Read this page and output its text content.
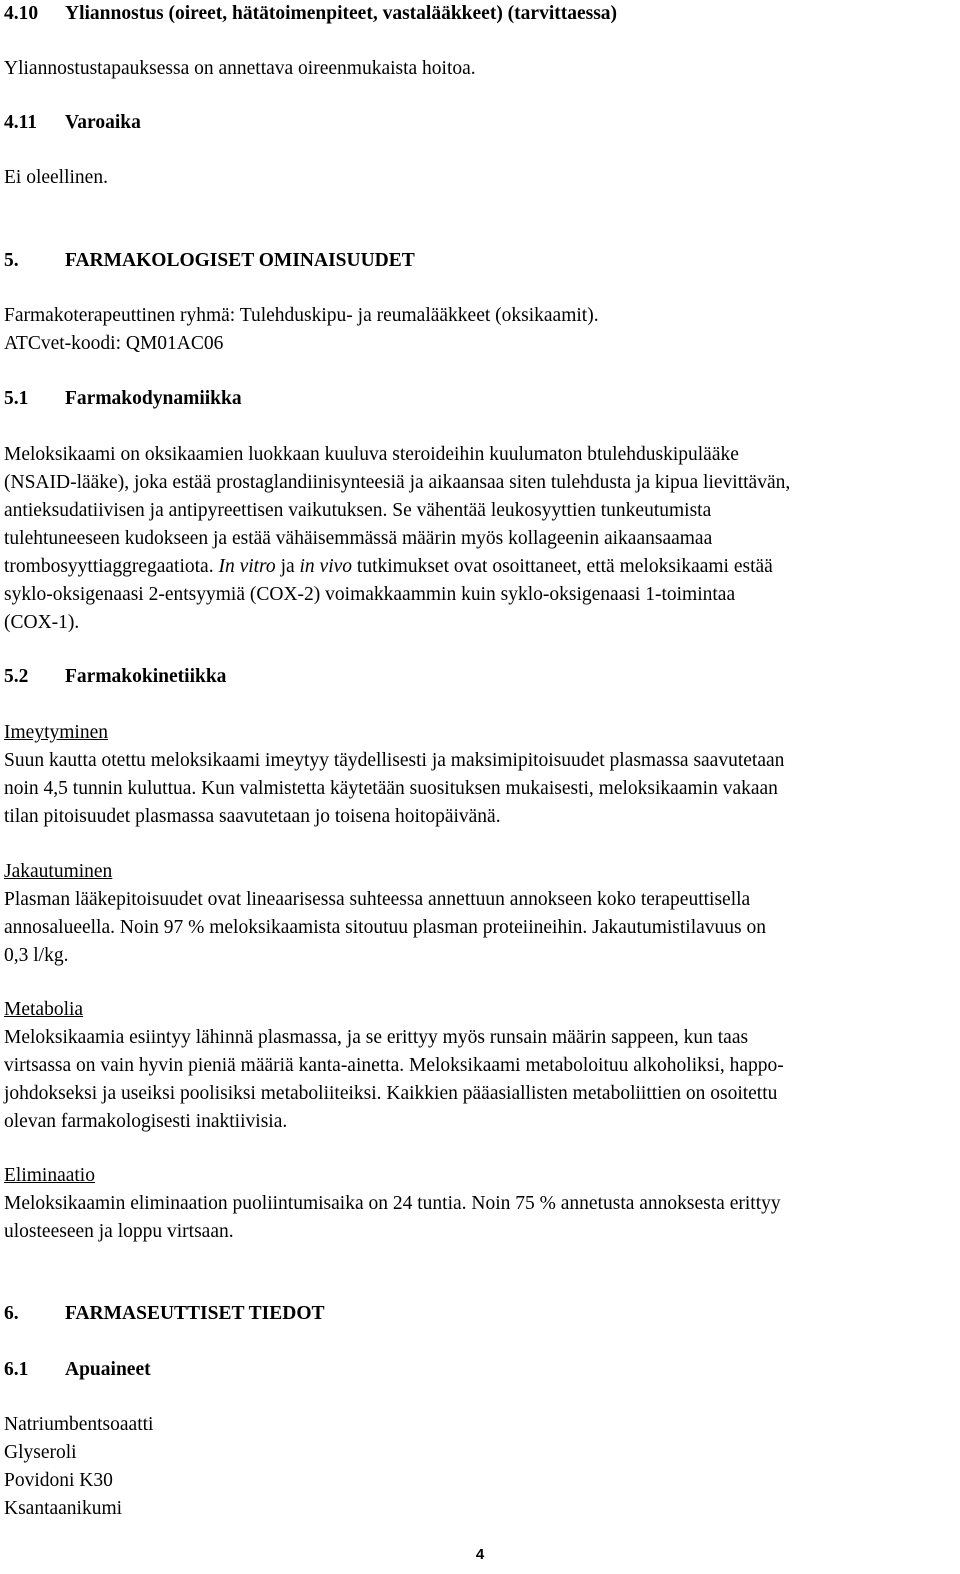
4.10 Yliannostus (oireet, hätätoimenpiteet, vastalääkkeet) (tarvittaessa)
Yliannostustapauksessa on annettava oireenmukaista hoitoa.
4.11 Varoaika
Ei oleellinen.
5. FARMAKOLOGISET OMINAISUUDET
Farmakoterapeuttinen ryhmä: Tulehduskipu- ja reumalääkkeet (oksikaamit).
ATCvet-koodi: QM01AC06
5.1 Farmakodynamiikka
Meloksikaami on oksikaamien luokkaan kuuluva steroideihin kuulumaton btulehduskipulääke
(NSAID-lääke), joka estää prostaglandiinisynteesiä ja aikaansaa siten tulehdusta ja kipua lievittävän,
antieksudatiivisen ja antipyreettisen vaikutuksen. Se vähentää leukosyyttien tunkeutumista
tulehtuneeseen kudokseen ja estää vähäisemmässä määrin myös kollageenin aikaansaamaa
trombosyyttiaggregaatiota. In vitro ja in vivo tutkimukset ovat osoittaneet, että meloksikaami estää
syklo-oksigenaasi 2-entsyymiä (COX-2) voimakkaammin kuin syklo-oksigenaasi 1-toimintaa
(COX-1).
5.2 Farmakokinetiikka
Imeytyminen
Suun kautta otettu meloksikaami imeytyy täydellisesti ja maksimipitoisuudet plasmassa saavutetaan
noin 4,5 tunnin kuluttua. Kun valmistetta käytetään suosituksen mukaisesti, meloksikaamin vakaan
tilan pitoisuudet plasmassa saavutetaan jo toisena hoitopäivänä.
Jakautuminen
Plasman lääkepitoisuudet ovat lineaarisessa suhteessa annettuun annokseen koko terapeuttisella
annosalueella. Noin 97 % meloksikaamista sitoutuu plasman proteiineihin. Jakautumistilavuus on
0,3 l/kg.
Metabolia
Meloksikaamia esiintyy lähinnä plasmassa, ja se erittyy myös runsain määrin sappeen, kun taas
virtsassa on vain hyvin pieniä määriä kanta-ainetta. Meloksikaami metaboloituu alkoholiksi, happo-
johdokseksi ja useiksi poolisiksi metaboliiteiksi. Kaikkien pääasiallisten metaboliittien on osoitettu
olevan farmakologisesti inaktiivisia.
Eliminaatio
Meloksikaamin eliminaation puoliintumisaika on 24 tuntia. Noin 75 % annetusta annoksesta erittyy
ulosteeseen ja loppu virtsaan.
6. FARMASEUTTISET TIEDOT
6.1 Apuaineet
Natriumbentsoaatti
Glyseroli
Povidoni K30
Ksantaanikumi
4
